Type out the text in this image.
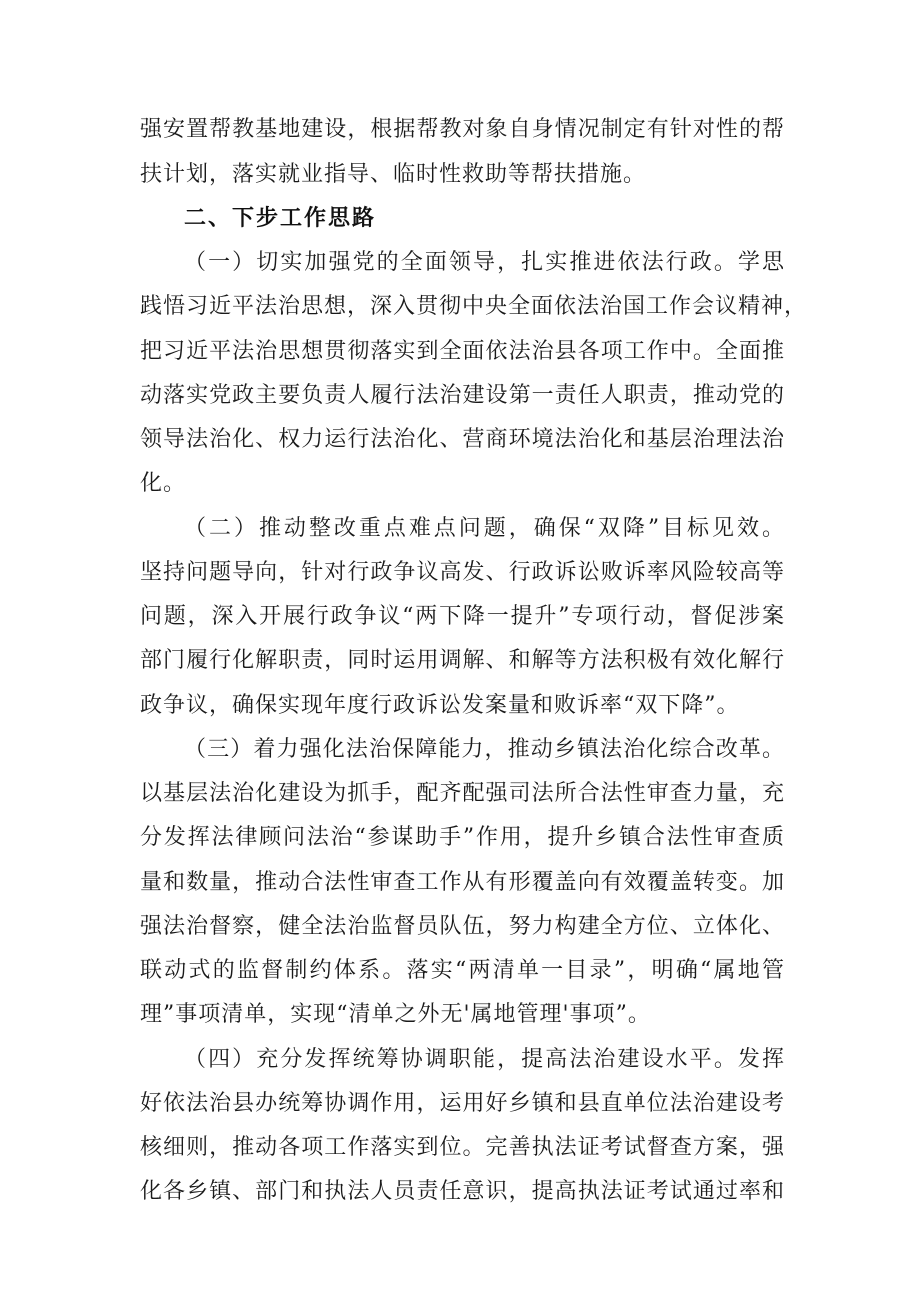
强安置帮教基地建设，根据帮教对象自身情况制定有针对性的帮
扶计划，落实就业指导、临时性救助等帮扶措施。
二、下步工作思路
（一）切实加强党的全面领导，扎实推进依法行政。学思
践悟习近平法治思想，深入贯彻中央全面依法治国工作会议精神，
把习近平法治思想贯彻落实到全面依法治县各项工作中。全面推
动落实党政主要负责人履行法治建设第一责任人职责，推动党的
领导法治化、权力运行法治化、营商环境法治化和基层治理法治
化。
（二）推动整改重点难点问题，确保“双降”目标见效。
坚持问题导向，针对行政争议高发、行政诉讼败诉率风险较高等
问题，深入开展行政争议“两下降一提升”专项行动，督促涉案
部门履行化解职责，同时运用调解、和解等方法积极有效化解行
政争议，确保实现年度行政诉讼发案量和败诉率“双下降”。
（三）着力强化法治保障能力，推动乡镇法治化综合改革。
以基层法治化建设为抓手，配齐配强司法所合法性审查力量，充
分发挥法律顾问法治“参谋助手”作用，提升乡镇合法性审查质
量和数量，推动合法性审查工作从有形覆盖向有效覆盖转变。加
强法治督察，健全法治监督员队伍，努力构建全方位、立体化、
联动式的监督制约体系。落实“两清单一目录”，明确“属地管
理”事项清单，实现“清单之外无'属地管理'事项”。
（四）充分发挥统筹协调职能，提高法治建设水平。发挥
好依法治县办统筹协调作用，运用好乡镇和县直单位法治建设考
核细则，推动各项工作落实到位。完善执法证考试督查方案，强
化各乡镇、部门和执法人员责任意识，提高执法证考试通过率和
